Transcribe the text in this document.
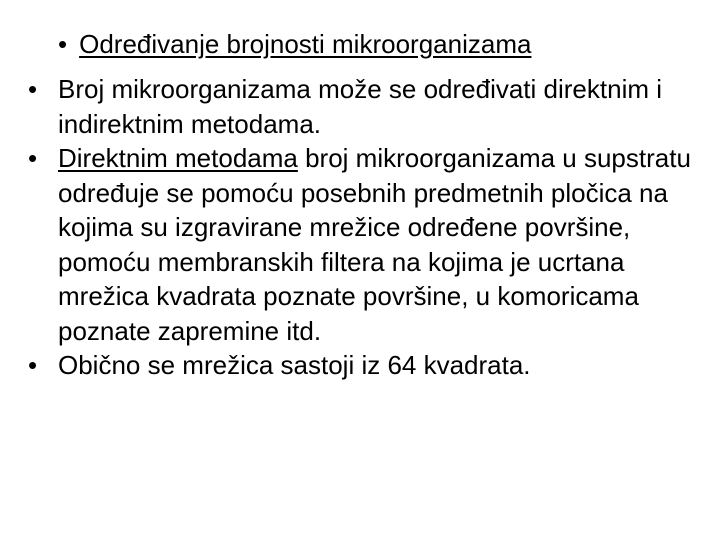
• Određivanje brojnosti mikroorganizama
• Broj mikroorganizama može se određivati direktnim i indirektnim metodama.
• Direktnim metodama broj mikroorganizama u supstratu određuje se pomoću posebnih predmetnih pločica na kojima su izgravirane mrežice određene površine, pomoću membranskih filtera na kojima je ucrtana mrežica kvadrata poznate površine, u komoricama poznate zapremine itd.
• Obično se mrežica sastoji iz 64 kvadrata.
